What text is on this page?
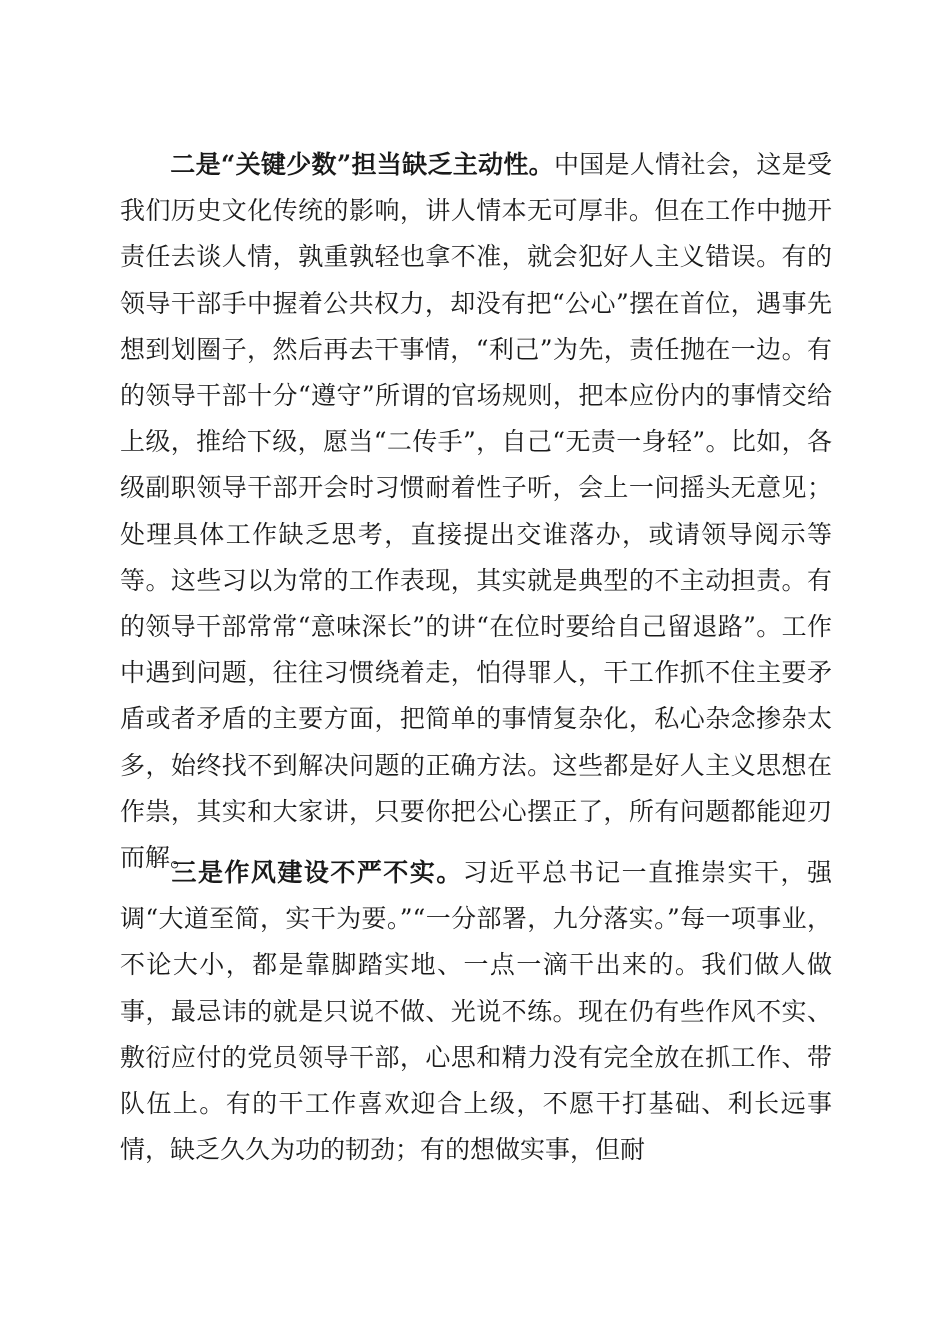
二是“关键少数”担当缺乏主动性。中国是人情社会，这是受我们历史文化传统的影响，讲人情本无可厚非。但在工作中抛开责任去谈人情，孰重孰轻也拿不准，就会犯好人主义错误。有的领导干部手中握着公共权力，却没有把“公心”摆在首位，遇事先想到划圈子，然后再去干事情，“利己”为先，责任抛在一边。有的领导干部十分“遵守”所谓的官场规则，把本应份内的事情交给上级，推给下级，愿当“二传手”，自己“无责一身轻”。比如，各级副职领导干部开会时习惯耐着性子听，会上一问摇头无意见；处理具体工作缺乏思考，直接提出交谁落办，或请领导阅示等等。这些习以为常的工作表现，其实就是典型的不主动担责。有的领导干部常常“意味深长”的讲“在位时要给自己留退路”。工作中遇到问题，往往习惯绕着走，怕得罪人，干工作抓不住主要矛盾或者矛盾的主要方面，把简单的事情复杂化，私心杂念掺杂太多，始终找不到解决问题的正确方法。这些都是好人主义思想在作祟，其实和大家讲，只要你把公心摆正了，所有问题都能迎刃而解。

三是作风建设不严不实。习近平总书记一直推崇实干，强调“大道至简，实干为要。”“一分部署，九分落实。”每一项事业，不论大小，都是靠脚踏实地、一点一滴干出来的。我们做人做事，最忌讳的就是只说不做、光说不练。现在仍有些作风不实、敷衍应付的党员领导干部，心思和精力没有完全放在抓工作、带队伍上。有的干工作喜欢迎合上级，不愿干打基础、利长远事情，缺乏久久为功的韧劲；有的想做实事，但耐
